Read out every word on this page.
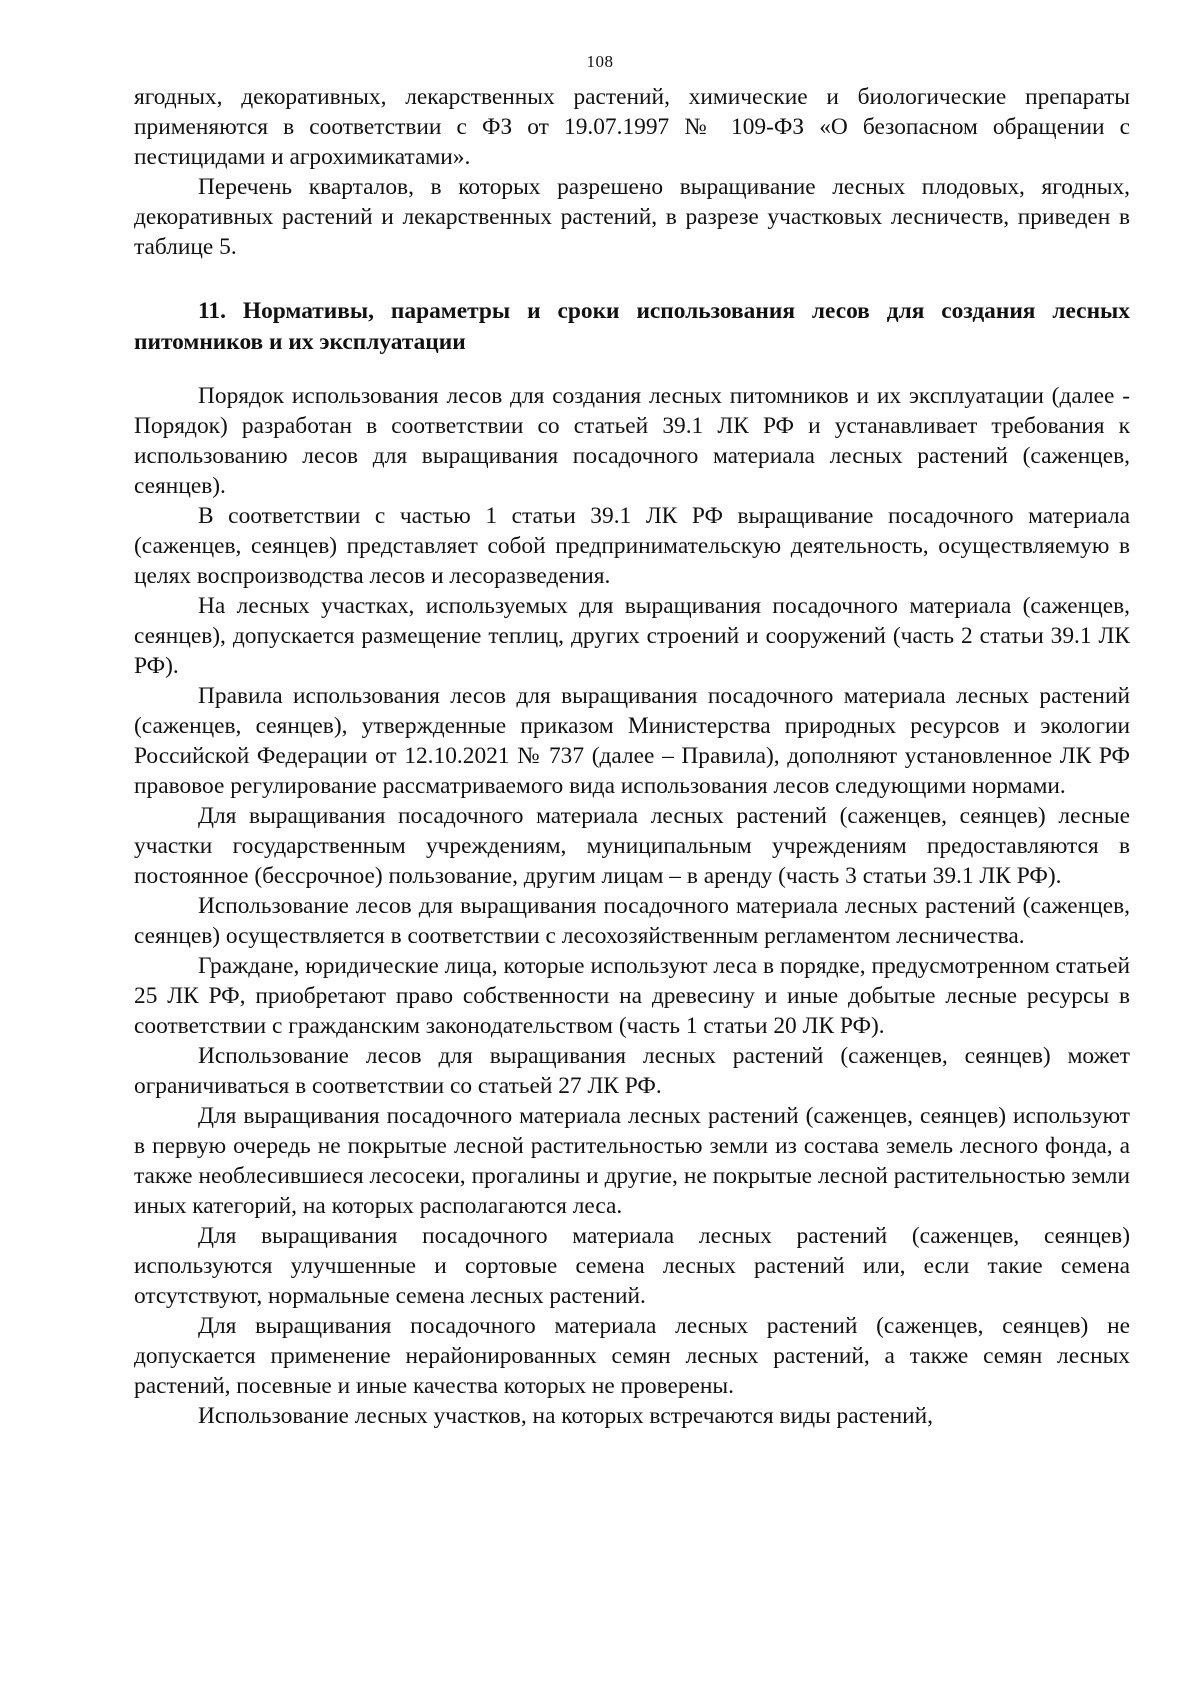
108

ягодных, декоративных, лекарственных растений, химические и биологические препараты применяются в соответствии с ФЗ от 19.07.1997 № 109-ФЗ «О безопасном обращении с пестицидами и агрохимикатами».

Перечень кварталов, в которых разрешено выращивание лесных плодовых, ягодных, декоративных растений и лекарственных растений, в разрезе участковых лесничеств, приведен в таблице 5.

11. Нормативы, параметры и сроки использования лесов для создания лесных питомников и их эксплуатации

Порядок использования лесов для создания лесных питомников и их эксплуатации (далее - Порядок) разработан в соответствии со статьей 39.1 ЛК РФ и устанавливает требования к использованию лесов для выращивания посадочного материала лесных растений (саженцев, сеянцев).

В соответствии с частью 1 статьи 39.1 ЛК РФ выращивание посадочного материала (саженцев, сеянцев) представляет собой предпринимательскую деятельность, осуществляемую в целях воспроизводства лесов и лесоразведения.

На лесных участках, используемых для выращивания посадочного материала (саженцев, сеянцев), допускается размещение теплиц, других строений и сооружений (часть 2 статьи 39.1 ЛК РФ).

Правила использования лесов для выращивания посадочного материала лесных растений (саженцев, сеянцев), утвержденные приказом Министерства природных ресурсов и экологии Российской Федерации от 12.10.2021 № 737 (далее – Правила), дополняют установленное ЛК РФ правовое регулирование рассматриваемого вида использования лесов следующими нормами.

Для выращивания посадочного материала лесных растений (саженцев, сеянцев) лесные участки государственным учреждениям, муниципальным учреждениям предоставляются в постоянное (бессрочное) пользование, другим лицам – в аренду (часть 3 статьи 39.1 ЛК РФ).

Использование лесов для выращивания посадочного материала лесных растений (саженцев, сеянцев) осуществляется в соответствии с лесохозяйственным регламентом лесничества.

Граждане, юридические лица, которые используют леса в порядке, предусмотренном статьей 25 ЛК РФ, приобретают право собственности на древесину и иные добытые лесные ресурсы в соответствии с гражданским законодательством (часть 1 статьи 20 ЛК РФ).

Использование лесов для выращивания лесных растений (саженцев, сеянцев) может ограничиваться в соответствии со статьей 27 ЛК РФ.

Для выращивания посадочного материала лесных растений (саженцев, сеянцев) используют в первую очередь не покрытые лесной растительностью земли из состава земель лесного фонда, а также необлесившиеся лесосеки, прогалины и другие, не покрытые лесной растительностью земли иных категорий, на которых располагаются леса.

Для выращивания посадочного материала лесных растений (саженцев, сеянцев) используются улучшенные и сортовые семена лесных растений или, если такие семена отсутствуют, нормальные семена лесных растений.

Для выращивания посадочного материала лесных растений (саженцев, сеянцев) не допускается применение нерайонированных семян лесных растений, а также семян лесных растений, посевные и иные качества которых не проверены.

Использование лесных участков, на которых встречаются виды растений,
